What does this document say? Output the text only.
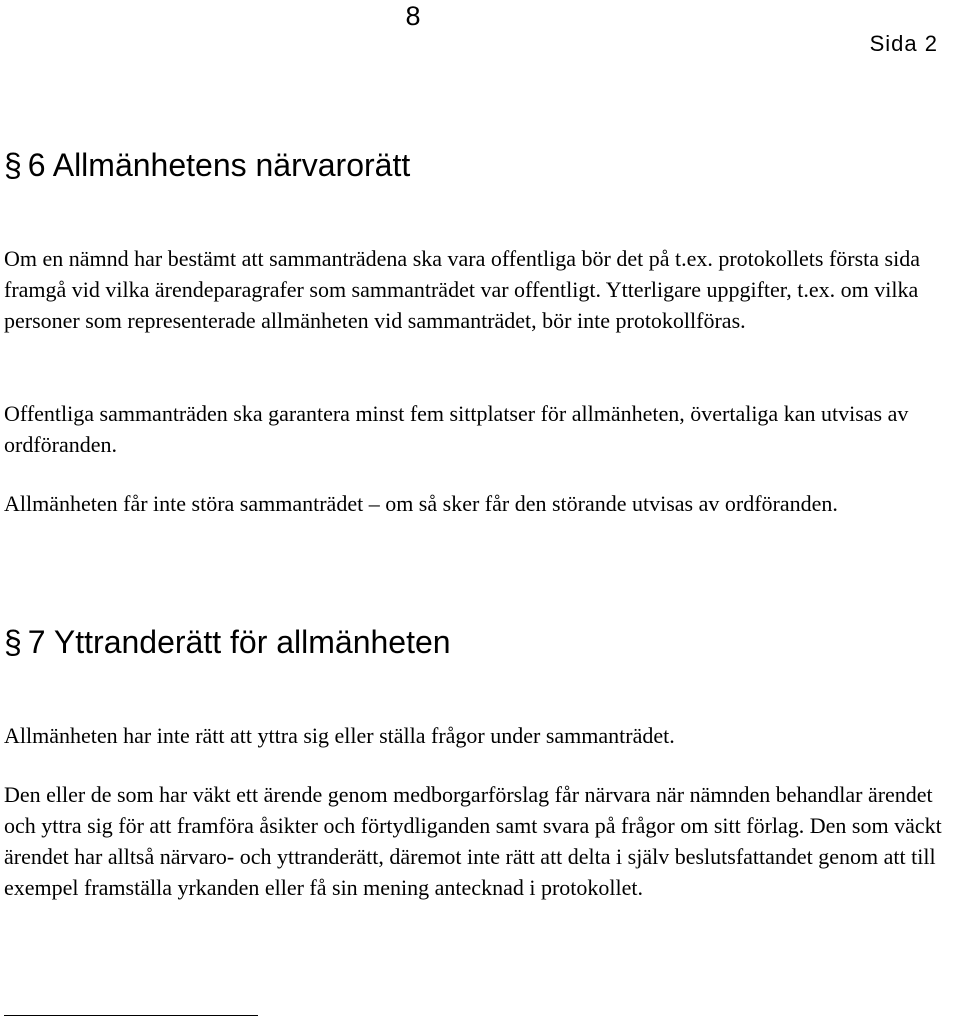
8
Sida 2
§ 6 Allmänhetens närvarorätt

Om en nämnd har bestämt att sammanträdena ska vara offentliga bör det på t.ex. protokollets första sida framgå vid vilka ärendeparagrafer som sammanträdet var offentligt. Ytterligare uppgifter, t.ex. om vilka personer som representerade allmänheten vid sammanträdet, bör inte protokollföras.

Offentliga sammanträden ska garantera minst fem sittplatser för allmänheten, övertaliga kan utvisas av ordföranden.

Allmänheten får inte störa sammanträdet – om så sker får den störande utvisas av ordföranden.

§ 7 Yttranderätt för allmänheten

Allmänheten har inte rätt att yttra sig eller ställa frågor under sammanträdet.

Den eller de som har väkt ett ärende genom medborgarförslag får närvara när nämnden behandlar ärendet och yttra sig för att framföra åsikter och förtydliganden samt svara på frågor om sitt förlag. Den som väckt ärendet har alltså närvaro- och yttranderätt, däremot inte rätt att delta i själv beslutsfattandet genom att till exempel framställa yrkanden eller få sin mening antecknad i protokollet.
